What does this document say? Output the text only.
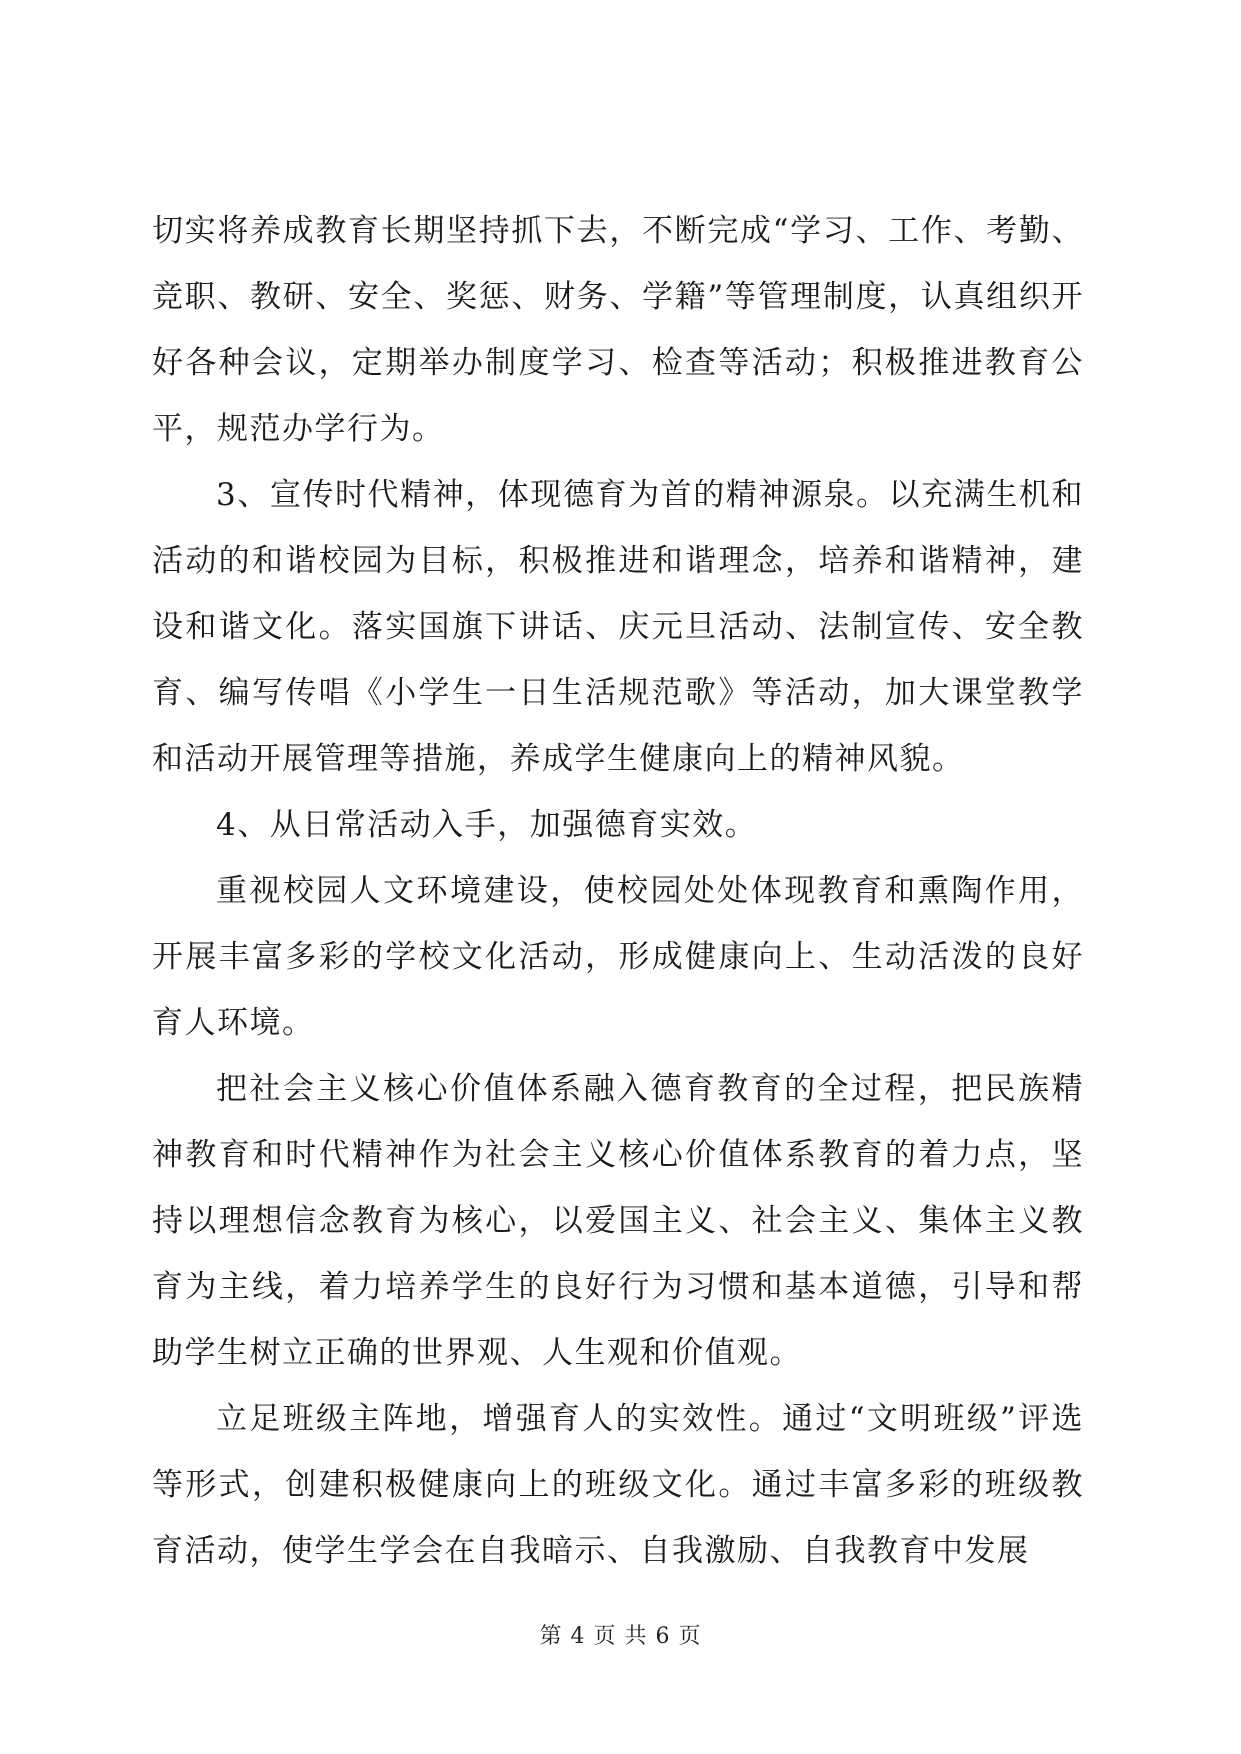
切实将养成教育长期坚持抓下去，不断完成“学习、工作、考勤、竞职、教研、安全、奖惩、财务、学籍”等管理制度，认真组织开好各种会议，定期举办制度学习、检查等活动；积极推进教育公平，规范办学行为。

3、宣传时代精神，体现德育为首的精神源泉。以充满生机和活动的和谐校园为目标，积极推进和谐理念，培养和谐精神，建设和谐文化。落实国旗下讲话、庆元旦活动、法制宣传、安全教育、编写传唱《小学生一日生活规范歌》等活动，加大课堂教学和活动开展管理等措施，养成学生健康向上的精神风貌。

4、从日常活动入手，加强德育实效。

重视校园人文环境建设，使校园处处体现教育和熏陶作用，开展丰富多彩的学校文化活动，形成健康向上、生动活泼的良好育人环境。

把社会主义核心价值体系融入德育教育的全过程，把民族精神教育和时代精神作为社会主义核心价值体系教育的着力点，坚持以理想信念教育为核心，以爱国主义、社会主义、集体主义教育为主线，着力培养学生的良好行为习惯和基本道德，引导和帮助学生树立正确的世界观、人生观和价值观。

立足班级主阵地，增强育人的实效性。通过“文明班级”评选等形式，创建积极健康向上的班级文化。通过丰富多彩的班级教育活动，使学生学会在自我暗示、自我激励、自我教育中发展

第 4 页 共 6 页
